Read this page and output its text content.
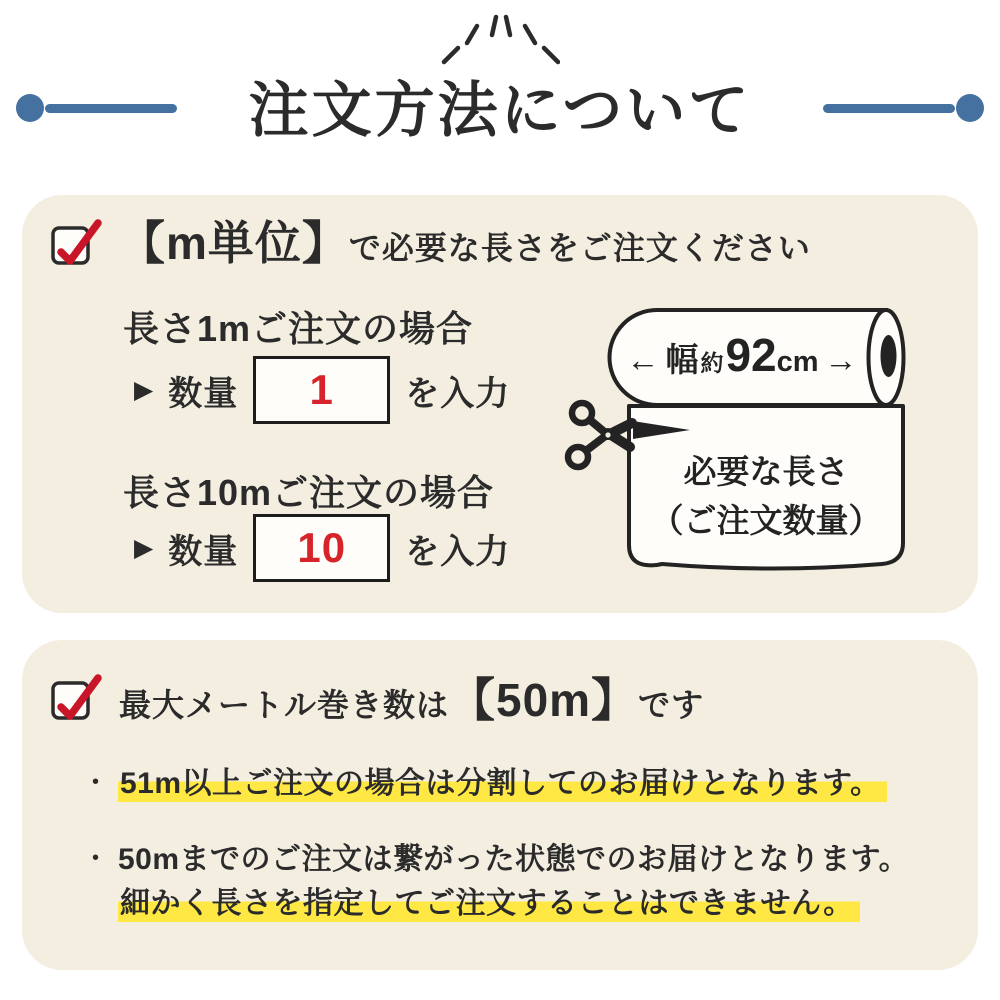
注文方法について
【m単位】 で必要な長さをご注文ください
長さ1mご注文の場合
▶ 数量 1 を入力
長さ10mご注文の場合
▶ 数量 10 を入力
← 幅約92cm →
必要な長さ
（ご注文数量）
最大メートル巻き数は 【50m】 です
• 51m以上ご注文の場合は分割してのお届けとなります。
• 50mまでのご注文は繋がった状態でのお届けとなります。
細かく長さを指定してご注文することはできません。
